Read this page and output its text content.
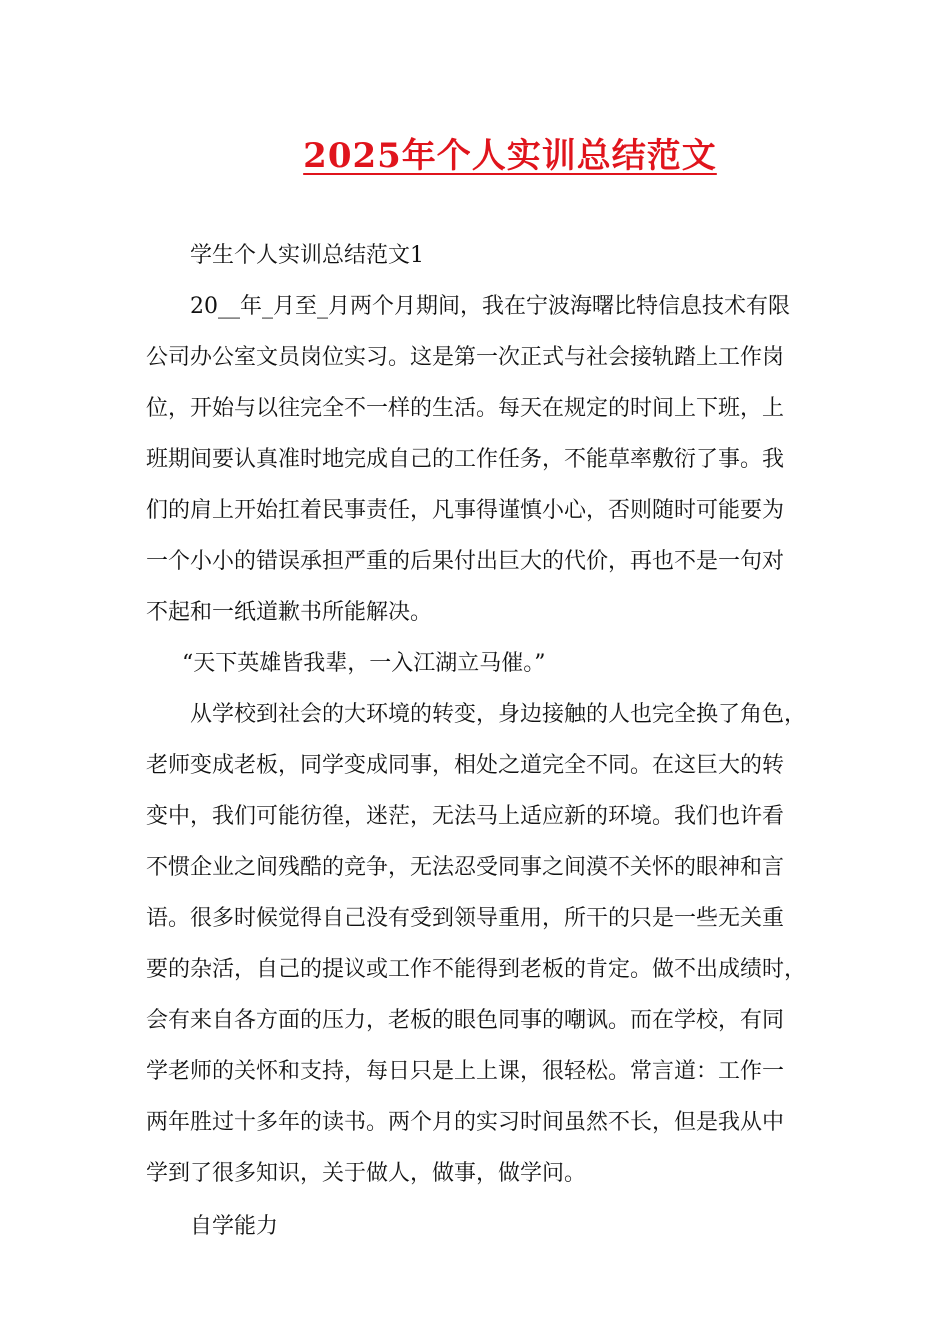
2025年个人实训总结范文
学生个人实训总结范文1
20__年_月至_月两个月期间，我在宁波海曙比特信息技术有限
公司办公室文员岗位实习。这是第一次正式与社会接轨踏上工作岗
位，开始与以往完全不一样的生活。每天在规定的时间上下班，上
班期间要认真准时地完成自己的工作任务，不能草率敷衍了事。我
们的肩上开始扛着民事责任，凡事得谨慎小心，否则随时可能要为
一个小小的错误承担严重的后果付出巨大的代价，再也不是一句对
不起和一纸道歉书所能解决。
“天下英雄皆我辈，一入江湖立马催。”
从学校到社会的大环境的转变，身边接触的人也完全换了角色，
老师变成老板，同学变成同事，相处之道完全不同。在这巨大的转
变中，我们可能彷徨，迷茫，无法马上适应新的环境。我们也许看
不惯企业之间残酷的竞争，无法忍受同事之间漠不关怀的眼神和言
语。很多时候觉得自己没有受到领导重用，所干的只是一些无关重
要的杂活，自己的提议或工作不能得到老板的肯定。做不出成绩时，
会有来自各方面的压力，老板的眼色同事的嘲讽。而在学校，有同
学老师的关怀和支持，每日只是上上课，很轻松。常言道：工作一
两年胜过十多年的读书。两个月的实习时间虽然不长，但是我从中
学到了很多知识，关于做人，做事，做学问。
自学能力
